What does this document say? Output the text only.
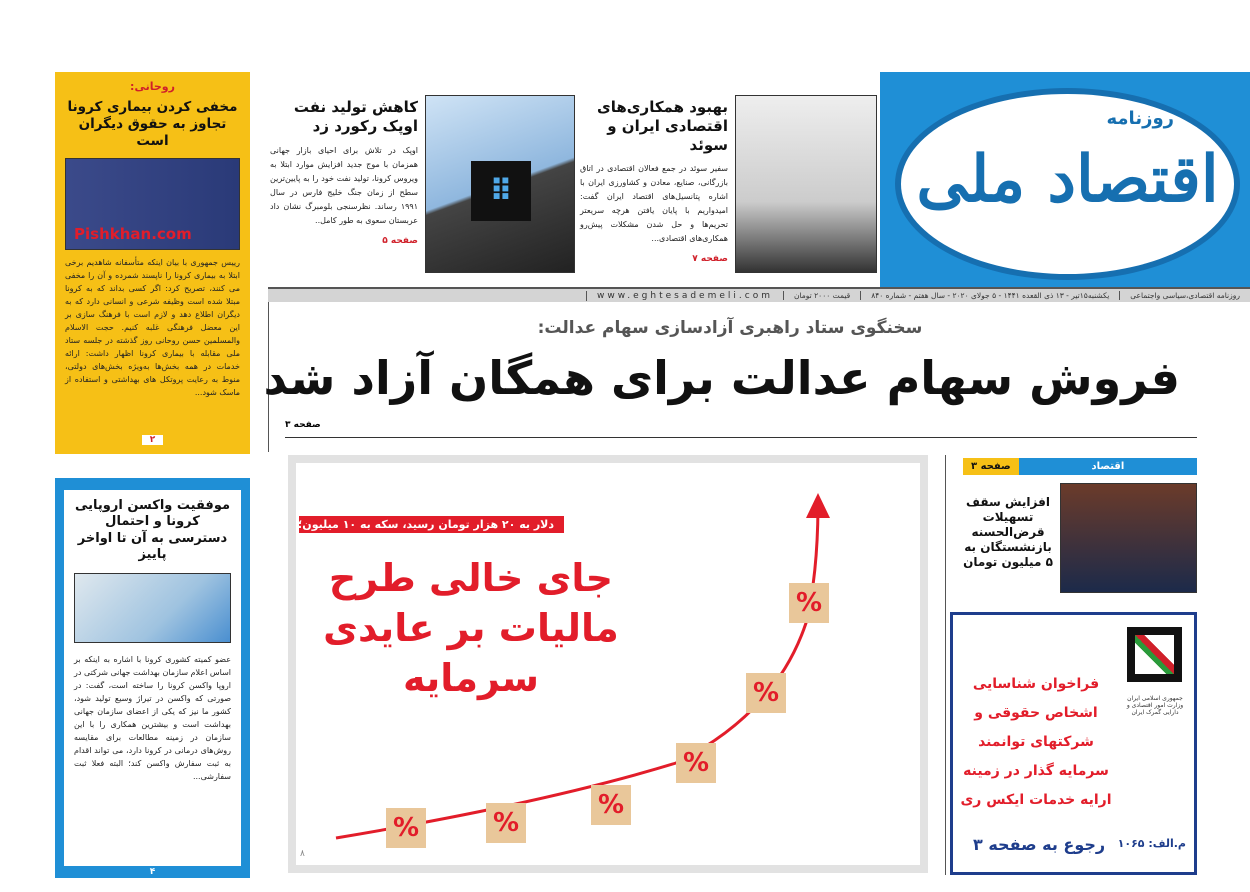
روزنامه
اقتصاد ملی
بهبود همکاری‌های اقتصادی ایران و سوئد
سفیر سوئد در جمع فعالان اقتصادی در اتاق بازرگانی، صنایع، معادن و کشاورزی ایران با اشاره پتانسیل‌های اقتصاد ایران گفت: امیدواریم با پایان یافتن هرچه سریعتر تحریم‌ها و حل شدن مشکلات پیش‌رو همکاری‌های اقتصادی...
صفحه ۷
⠿
کاهش تولید نفت اوپک رکورد زد
اوپک در تلاش برای احیای بازار جهانی همزمان با موج جدید افزایش موارد ابتلا به ویروس کرونا، تولید نفت خود را به پایین‌ترین سطح از زمان جنگ خلیج فارس در سال ۱۹۹۱ رساند. نظرسنجی بلومبرگ نشان داد عربستان سعوی به طور کامل..
صفحه ۵
روزنامه اقتصادی،سیاسی واجتماعی
یکشنبه۱۵تیر - ۱۳ ذی القعده ۱۴۴۱ - ۵ جولای ۲۰۲۰ - سال هفتم - شماره ۸۴۰
قیمت ۲۰۰۰ تومان
www.eghtesademeli.com
سخنگوی ستاد راهبری آزادسازی سهام عدالت:
فروش سهام عدالت برای همگان آزاد شد
صفحه ۳
دلار به ۲۰ هزار تومان رسید، سکه به ۱۰ میلیون؛
جای خالی طرح مالیات بر عایدی سرمایه
%	%
%
%
%
%
۸
اقتصاد
صفحه ۳
افزایش سقف تسهیلات قرض‌الحسنه بازنشستگان به ۵ میلیون تومان
جمهوری اسلامی ایران وزارت امور اقتصادی و دارایی گمرک ایران
فراخوان شناسایی اشخاص حقوقی و شرکتهای توانمند سرمایه گذار در زمینه ارایه خدمات ایکس ری
م.الف: ۱۰۶۵
رجوع به صفحه ۳
روحانی:
مخفی کردن بیماری کرونا تجاوز به حقوق دیگران است
Pishkhan.com
رییس جمهوری با بیان اینکه متأسفانه شاهدیم برخی ابتلا به بیماری کرونا را ناپسند شمرده و آن را مخفی می کنند، تصریح کرد: اگر کسی بداند که به کرونا مبتلا شده است وظیفه شرعی و انسانی دارد که به دیگران اطلاع دهد و لازم است با فرهنگ سازی بر این معضل فرهنگی غلبه کنیم. حجت الاسلام والمسلمین حسن روحانی روز گذشته در جلسه ستاد ملی مقابله با بیماری کرونا اظهار داشت: ارائه خدمات در همه بخش‌ها به‌ویژه بخش‌های دولتی، منوط به رعایت پروتکل های بهداشتی و استفاده از ماسک شود...
۲
موفقیت واکسن اروپایی کرونا و احتمال دسترسی به آن تا اواخر پاییز
عضو کمیته کشوری کرونا با اشاره به اینکه بر اساس اعلام سازمان بهداشت جهانی شرکتی در اروپا واکسن کرونا را ساخته است، گفت: در صورتی که واکسن در تیراژ وسیع تولید شود، کشور ما نیز که یکی از اعضای سازمان جهانی بهداشت است و بیشترین همکاری را با این سازمان در زمینه مطالعات برای مقایسه روش‌های درمانی در کرونا دارد، می تواند اقدام به ثبت سفارش واکسن کند؛ البته فعلا ثبت سفارشی...
۴
